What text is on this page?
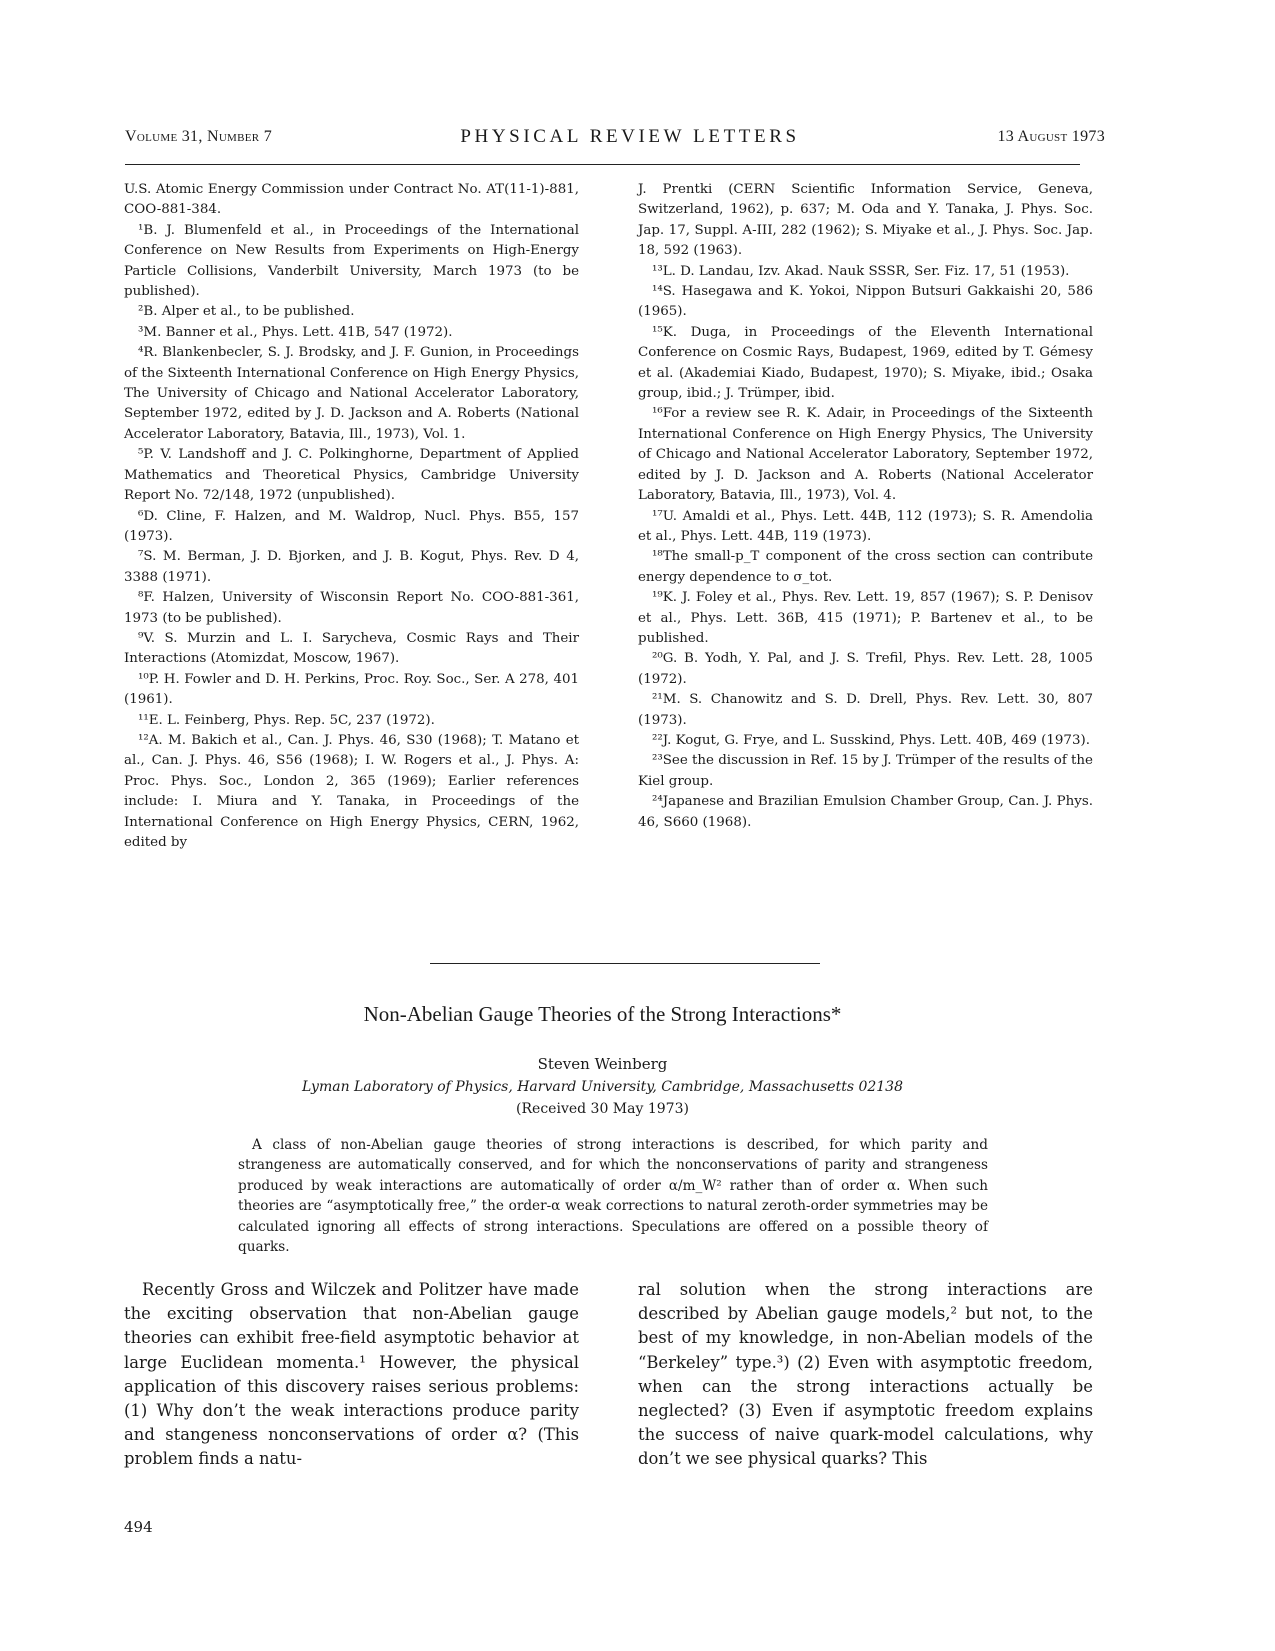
Volume 31, Number 7	PHYSICAL REVIEW LETTERS	13 August 1973

U.S. Atomic Energy Commission under Contract No. AT(11-1)-881, COO-881-384.

¹B. J. Blumenfeld et al., in Proceedings of the International Conference on New Results from Experiments on High-Energy Particle Collisions, Vanderbilt University, March 1973 (to be published).

²B. Alper et al., to be published.

³M. Banner et al., Phys. Lett. 41B, 547 (1972).

⁴R. Blankenbecler, S. J. Brodsky, and J. F. Gunion, in Proceedings of the Sixteenth International Conference on High Energy Physics, The University of Chicago and National Accelerator Laboratory, September 1972, edited by J. D. Jackson and A. Roberts (National Accelerator Laboratory, Batavia, Ill., 1973), Vol. 1.

⁵P. V. Landshoff and J. C. Polkinghorne, Department of Applied Mathematics and Theoretical Physics, Cambridge University Report No. 72/148, 1972 (unpublished).

⁶D. Cline, F. Halzen, and M. Waldrop, Nucl. Phys. B55, 157 (1973).

⁷S. M. Berman, J. D. Bjorken, and J. B. Kogut, Phys. Rev. D 4, 3388 (1971).

⁸F. Halzen, University of Wisconsin Report No. COO-881-361, 1973 (to be published).

⁹V. S. Murzin and L. I. Sarycheva, Cosmic Rays and Their Interactions (Atomizdat, Moscow, 1967).

¹⁰P. H. Fowler and D. H. Perkins, Proc. Roy. Soc., Ser. A 278, 401 (1961).

¹¹E. L. Feinberg, Phys. Rep. 5C, 237 (1972).

¹²A. M. Bakich et al., Can. J. Phys. 46, S30 (1968); T. Matano et al., Can. J. Phys. 46, S56 (1968); I. W. Rogers et al., J. Phys. A: Proc. Phys. Soc., London 2, 365 (1969); Earlier references include: I. Miura and Y. Tanaka, in Proceedings of the International Conference on High Energy Physics, CERN, 1962, edited by

J. Prentki (CERN Scientific Information Service, Geneva, Switzerland, 1962), p. 637; M. Oda and Y. Tanaka, J. Phys. Soc. Jap. 17, Suppl. A-III, 282 (1962); S. Miyake et al., J. Phys. Soc. Jap. 18, 592 (1963).

¹³L. D. Landau, Izv. Akad. Nauk SSSR, Ser. Fiz. 17, 51 (1953).

¹⁴S. Hasegawa and K. Yokoi, Nippon Butsuri Gakkaishi 20, 586 (1965).

¹⁵K. Duga, in Proceedings of the Eleventh International Conference on Cosmic Rays, Budapest, 1969, edited by T. Gémesy et al. (Akademiai Kiado, Budapest, 1970); S. Miyake, ibid.; Osaka group, ibid.; J. Trümper, ibid.

¹⁶For a review see R. K. Adair, in Proceedings of the Sixteenth International Conference on High Energy Physics, The University of Chicago and National Accelerator Laboratory, September 1972, edited by J. D. Jackson and A. Roberts (National Accelerator Laboratory, Batavia, Ill., 1973), Vol. 4.

¹⁷U. Amaldi et al., Phys. Lett. 44B, 112 (1973); S. R. Amendolia et al., Phys. Lett. 44B, 119 (1973).

¹⁸The small-p_T component of the cross section can contribute energy dependence to σ_tot.

¹⁹K. J. Foley et al., Phys. Rev. Lett. 19, 857 (1967); S. P. Denisov et al., Phys. Lett. 36B, 415 (1971); P. Bartenev et al., to be published.

²⁰G. B. Yodh, Y. Pal, and J. S. Trefil, Phys. Rev. Lett. 28, 1005 (1972).

²¹M. S. Chanowitz and S. D. Drell, Phys. Rev. Lett. 30, 807 (1973).

²²J. Kogut, G. Frye, and L. Susskind, Phys. Lett. 40B, 469 (1973).

²³See the discussion in Ref. 15 by J. Trümper of the results of the Kiel group.

²⁴Japanese and Brazilian Emulsion Chamber Group, Can. J. Phys. 46, S660 (1968).

Non-Abelian Gauge Theories of the Strong Interactions*
Steven Weinberg
Lyman Laboratory of Physics, Harvard University, Cambridge, Massachusetts 02138
(Received 30 May 1973)
A class of non-Abelian gauge theories of strong interactions is described, for which parity and strangeness are automatically conserved, and for which the nonconservations of parity and strangeness produced by weak interactions are automatically of order α/m_W² rather than of order α. When such theories are “asymptotically free,” the order-α weak corrections to natural zeroth-order symmetries may be calculated ignoring all effects of strong interactions. Speculations are offered on a possible theory of quarks.
Recently Gross and Wilczek and Politzer have made the exciting observation that non-Abelian gauge theories can exhibit free-field asymptotic behavior at large Euclidean momenta.¹ However, the physical application of this discovery raises serious problems: (1) Why don’t the weak interactions produce parity and stangeness nonconservations of order α? (This problem finds a natu-
ral solution when the strong interactions are described by Abelian gauge models,² but not, to the best of my knowledge, in non-Abelian models of the “Berkeley” type.³) (2) Even with asymptotic freedom, when can the strong interactions actually be neglected? (3) Even if asymptotic freedom explains the success of naive quark-model calculations, why don’t we see physical quarks? This
494
